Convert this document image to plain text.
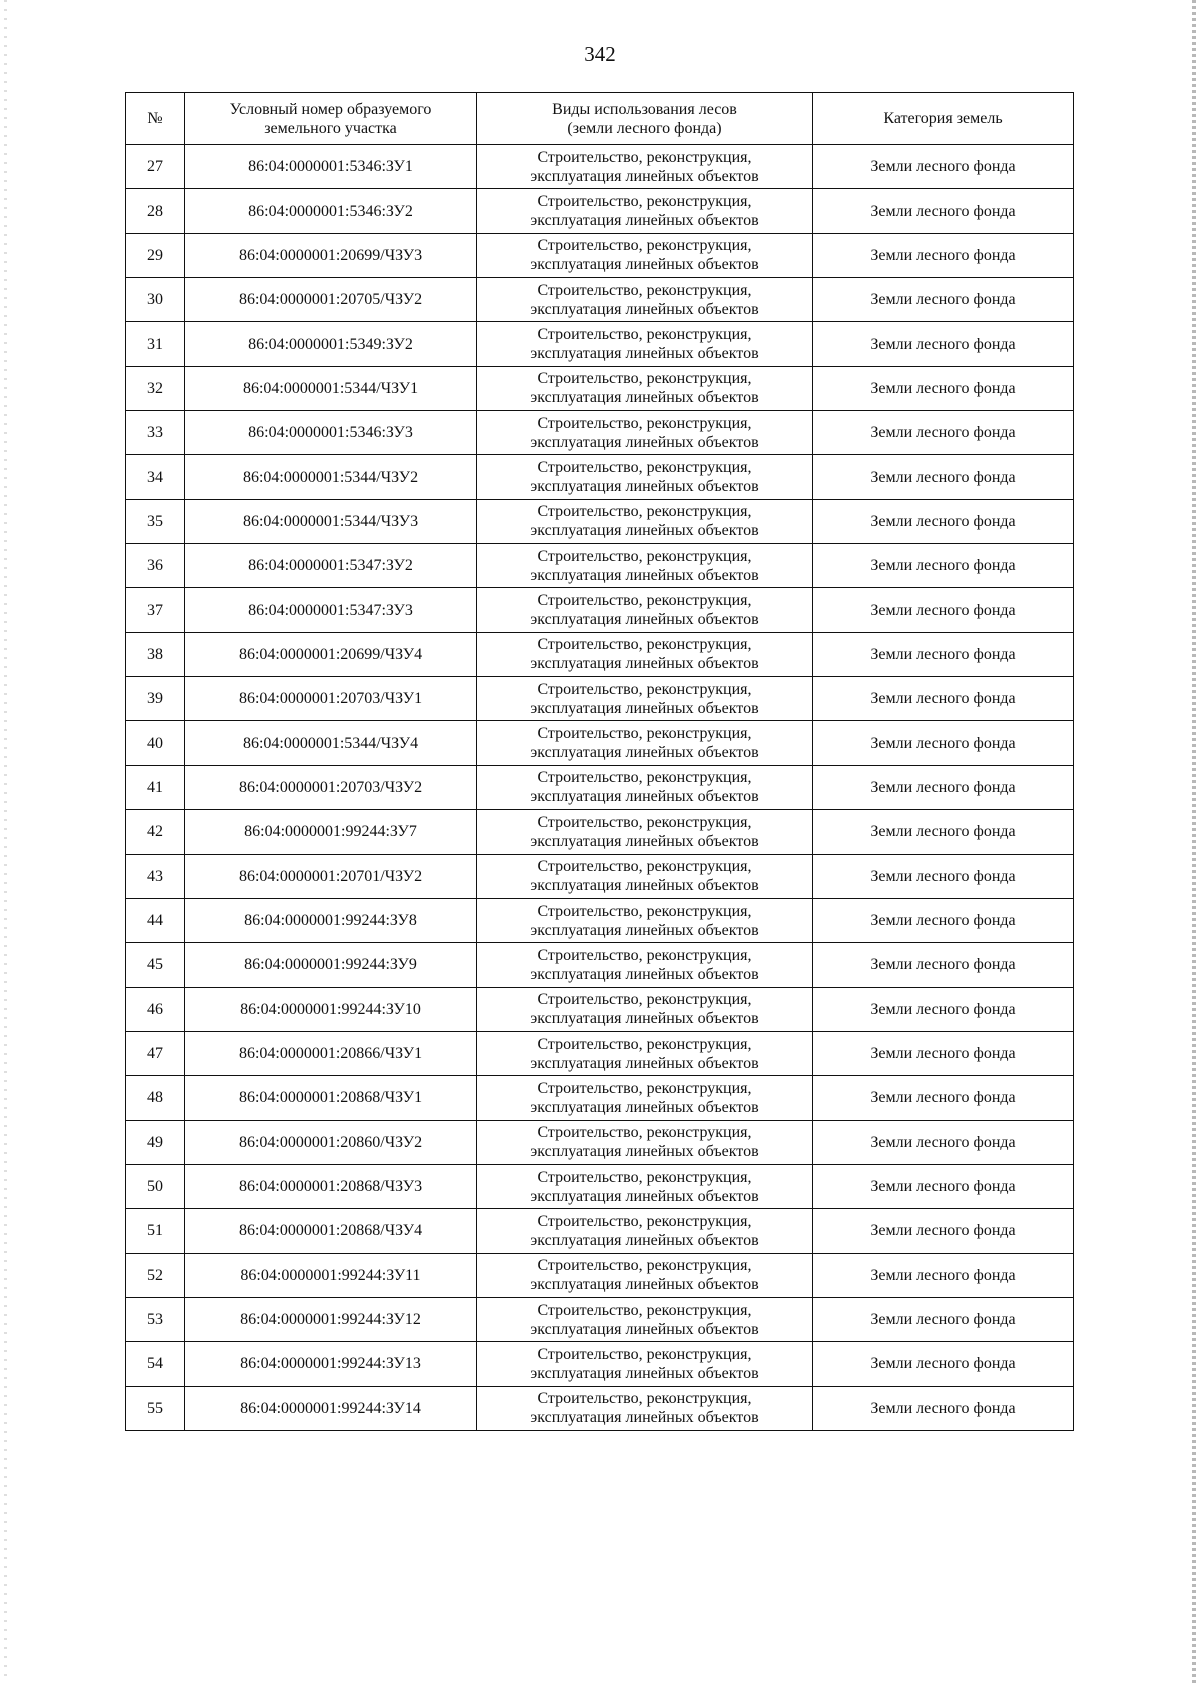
342
№	Условный номер образуемого
земельного участка	Виды использования лесов
(земли лесного фонда)	Категория земель
27	86:04:0000001:5346:ЗУ1	Строительство, реконструкция,
эксплуатация линейных объектов	Земли лесного фонда
28	86:04:0000001:5346:ЗУ2	Строительство, реконструкция,
эксплуатация линейных объектов	Земли лесного фонда
29	86:04:0000001:20699/ЧЗУ3	Строительство, реконструкция,
эксплуатация линейных объектов	Земли лесного фонда
30	86:04:0000001:20705/ЧЗУ2	Строительство, реконструкция,
эксплуатация линейных объектов	Земли лесного фонда
31	86:04:0000001:5349:ЗУ2	Строительство, реконструкция,
эксплуатация линейных объектов	Земли лесного фонда
32	86:04:0000001:5344/ЧЗУ1	Строительство, реконструкция,
эксплуатация линейных объектов	Земли лесного фонда
33	86:04:0000001:5346:ЗУ3	Строительство, реконструкция,
эксплуатация линейных объектов	Земли лесного фонда
34	86:04:0000001:5344/ЧЗУ2	Строительство, реконструкция,
эксплуатация линейных объектов	Земли лесного фонда
35	86:04:0000001:5344/ЧЗУ3	Строительство, реконструкция,
эксплуатация линейных объектов	Земли лесного фонда
36	86:04:0000001:5347:ЗУ2	Строительство, реконструкция,
эксплуатация линейных объектов	Земли лесного фонда
37	86:04:0000001:5347:ЗУ3	Строительство, реконструкция,
эксплуатация линейных объектов	Земли лесного фонда
38	86:04:0000001:20699/ЧЗУ4	Строительство, реконструкция,
эксплуатация линейных объектов	Земли лесного фонда
39	86:04:0000001:20703/ЧЗУ1	Строительство, реконструкция,
эксплуатация линейных объектов	Земли лесного фонда
40	86:04:0000001:5344/ЧЗУ4	Строительство, реконструкция,
эксплуатация линейных объектов	Земли лесного фонда
41	86:04:0000001:20703/ЧЗУ2	Строительство, реконструкция,
эксплуатация линейных объектов	Земли лесного фонда
42	86:04:0000001:99244:ЗУ7	Строительство, реконструкция,
эксплуатация линейных объектов	Земли лесного фонда
43	86:04:0000001:20701/ЧЗУ2	Строительство, реконструкция,
эксплуатация линейных объектов	Земли лесного фонда
44	86:04:0000001:99244:ЗУ8	Строительство, реконструкция,
эксплуатация линейных объектов	Земли лесного фонда
45	86:04:0000001:99244:ЗУ9	Строительство, реконструкция,
эксплуатация линейных объектов	Земли лесного фонда
46	86:04:0000001:99244:ЗУ10	Строительство, реконструкция,
эксплуатация линейных объектов	Земли лесного фонда
47	86:04:0000001:20866/ЧЗУ1	Строительство, реконструкция,
эксплуатация линейных объектов	Земли лесного фонда
48	86:04:0000001:20868/ЧЗУ1	Строительство, реконструкция,
эксплуатация линейных объектов	Земли лесного фонда
49	86:04:0000001:20860/ЧЗУ2	Строительство, реконструкция,
эксплуатация линейных объектов	Земли лесного фонда
50	86:04:0000001:20868/ЧЗУ3	Строительство, реконструкция,
эксплуатация линейных объектов	Земли лесного фонда
51	86:04:0000001:20868/ЧЗУ4	Строительство, реконструкция,
эксплуатация линейных объектов	Земли лесного фонда
52	86:04:0000001:99244:ЗУ11	Строительство, реконструкция,
эксплуатация линейных объектов	Земли лесного фонда
53	86:04:0000001:99244:ЗУ12	Строительство, реконструкция,
эксплуатация линейных объектов	Земли лесного фонда
54	86:04:0000001:99244:ЗУ13	Строительство, реконструкция,
эксплуатация линейных объектов	Земли лесного фонда
55	86:04:0000001:99244:ЗУ14	Строительство, реконструкция,
эксплуатация линейных объектов	Земли лесного фонда
